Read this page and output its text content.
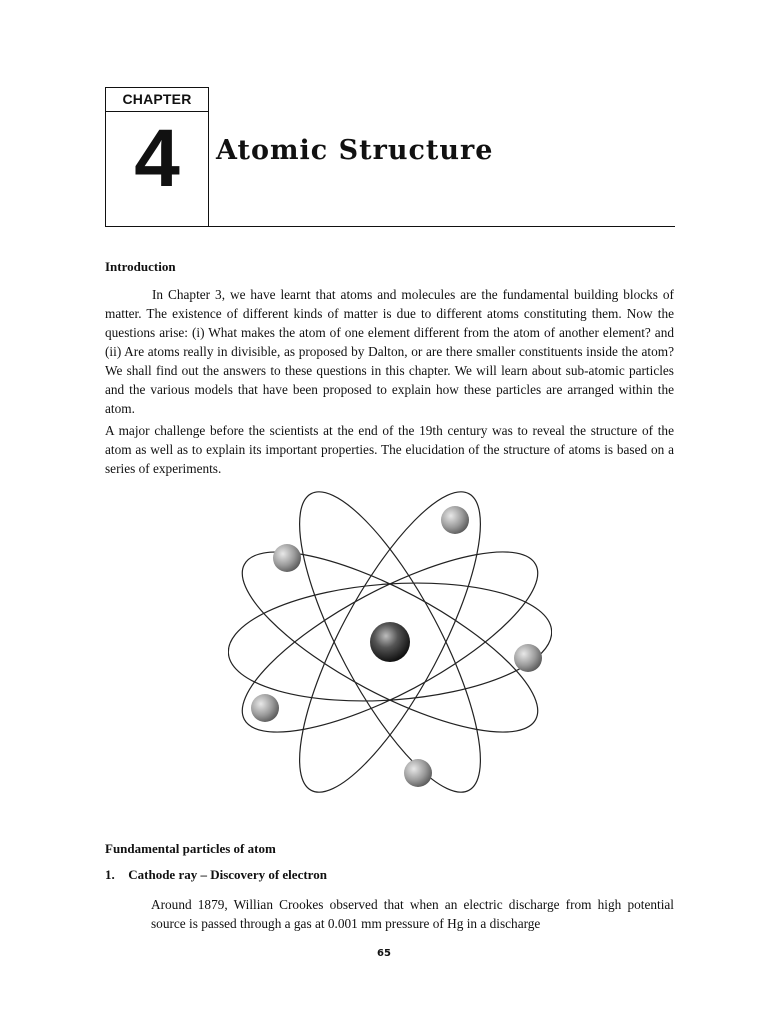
CHAPTER
4	Atomic Structure
Introduction

In Chapter 3, we have learnt that atoms and molecules are the fundamental building blocks of matter. The existence of different kinds of matter is due to different atoms constituting them. Now the questions arise: (i) What makes the atom of one element different from the atom of another element? and (ii) Are atoms really in divisible, as proposed by Dalton, or are there smaller constituents inside the atom? We shall find out the answers to these questions in this chapter. We will learn about sub-atomic particles and the various models that have been proposed to explain how these particles are arranged within the atom.

A major challenge before the scientists at the end of the 19th century was to reveal the structure of the atom as well as to explain its important properties. The elucidation of the structure of atoms is based on a series of experiments.

Fundamental particles of atom
1. Cathode ray – Discovery of electron

Around 1879, Willian Crookes observed that when an electric discharge from high potential source is passed through a gas at 0.001 mm pressure of Hg in a discharge

65
